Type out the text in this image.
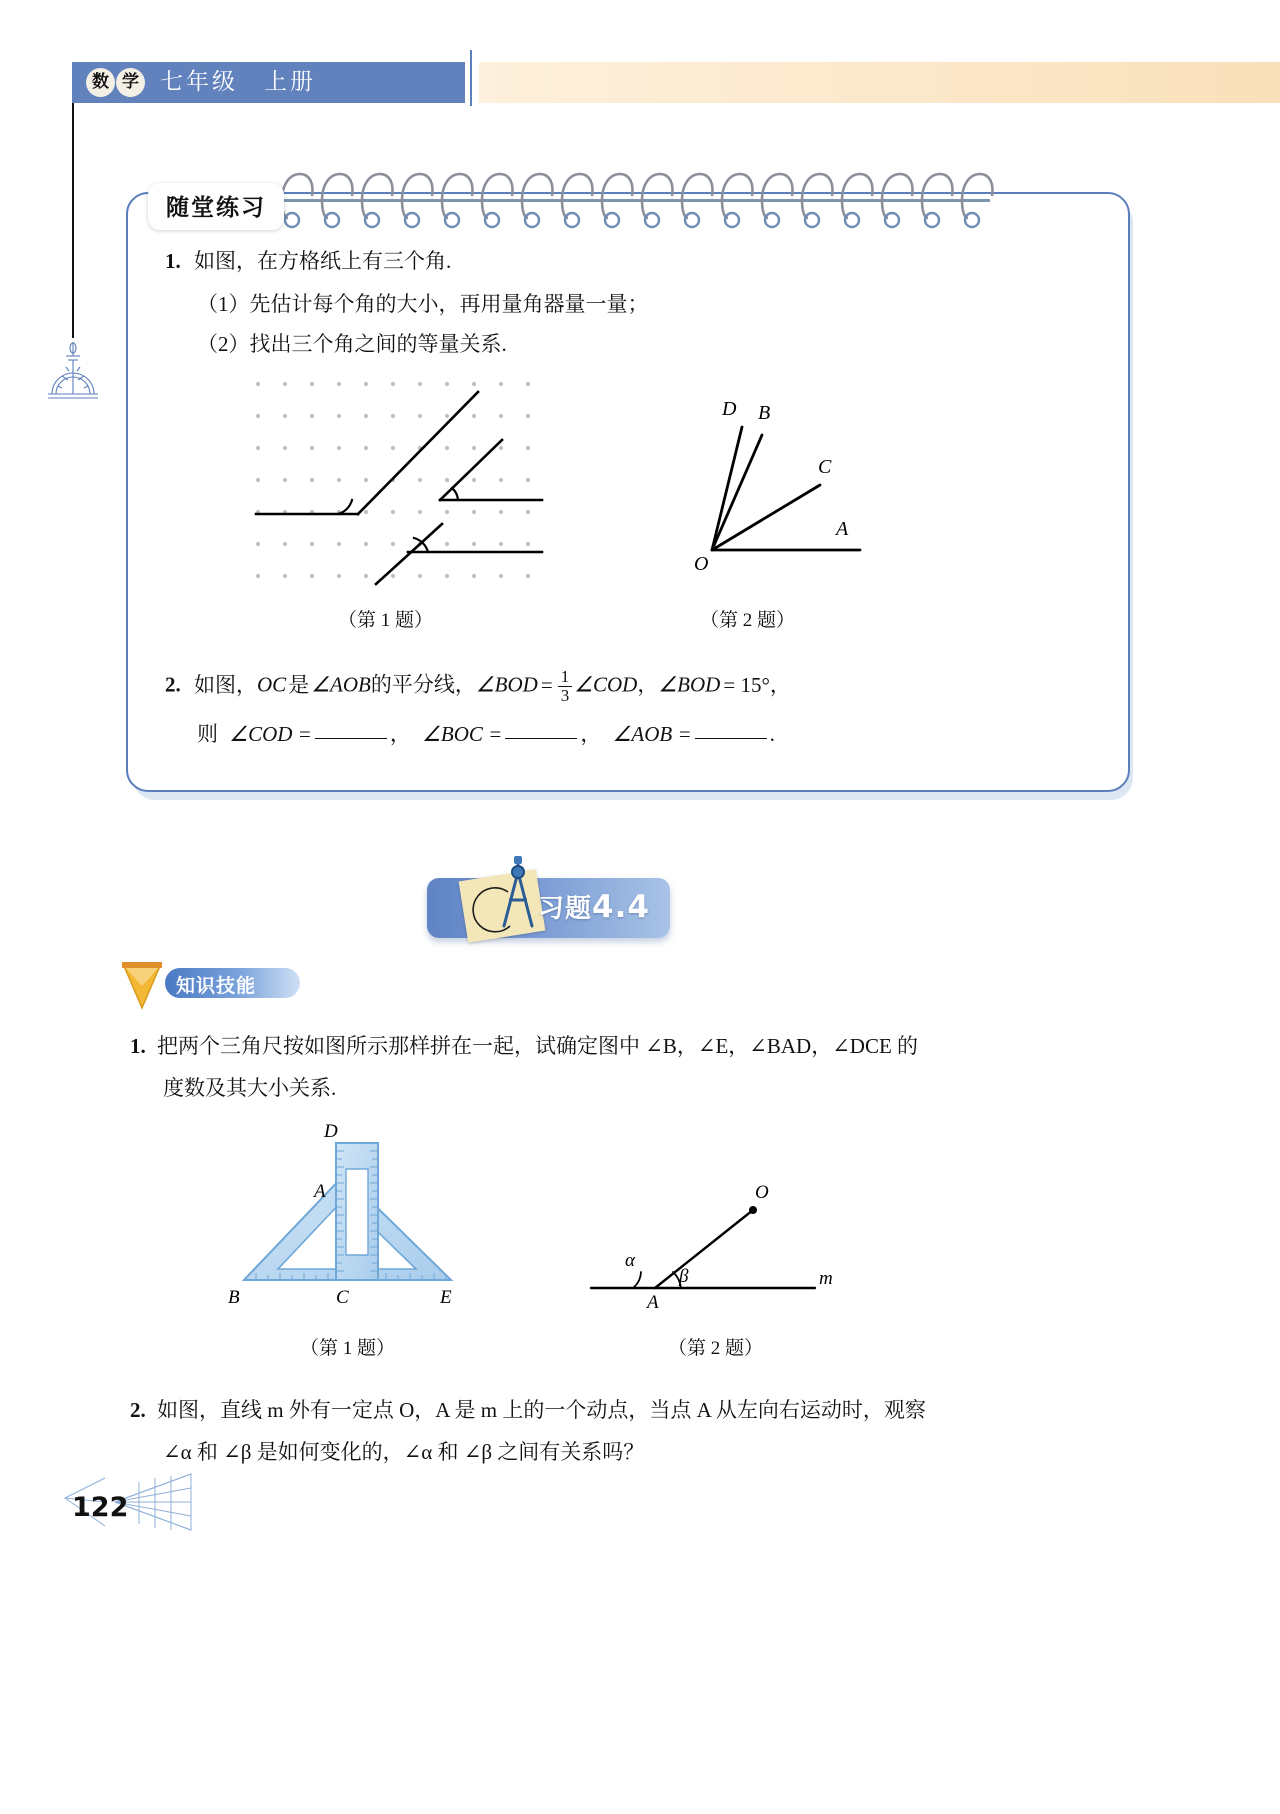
数 学 七年级　上册
随堂练习
1. 如图，在方格纸上有三个角.
（1）先估计每个角的大小，再用量角器量一量；
（2）找出三个角之间的等量关系.
D B
C
A
O
（第 1 题）	（第 2 题）
2. 如图，OC是∠AOB的平分线，∠BOD = $\frac{1}{3}$ ∠COD，∠BOD = 15°，
则 ∠COD =	， ∠BOC =	， ∠AOB =	.
习题4.4
知识技能
1. 把两个三角尺按如图所示那样拼在一起，试确定图中 ∠B，∠E，∠BAD，∠DCE 的
度数及其大小关系.
D
A
B	C	E
O
α
β
A
m
（第 1 题）	（第 2 题）
2. 如图，直线 m 外有一定点 O，A 是 m 上的一个动点，当点 A 从左向右运动时，观察
∠α 和 ∠β 是如何变化的，∠α 和 ∠β 之间有关系吗？
122
